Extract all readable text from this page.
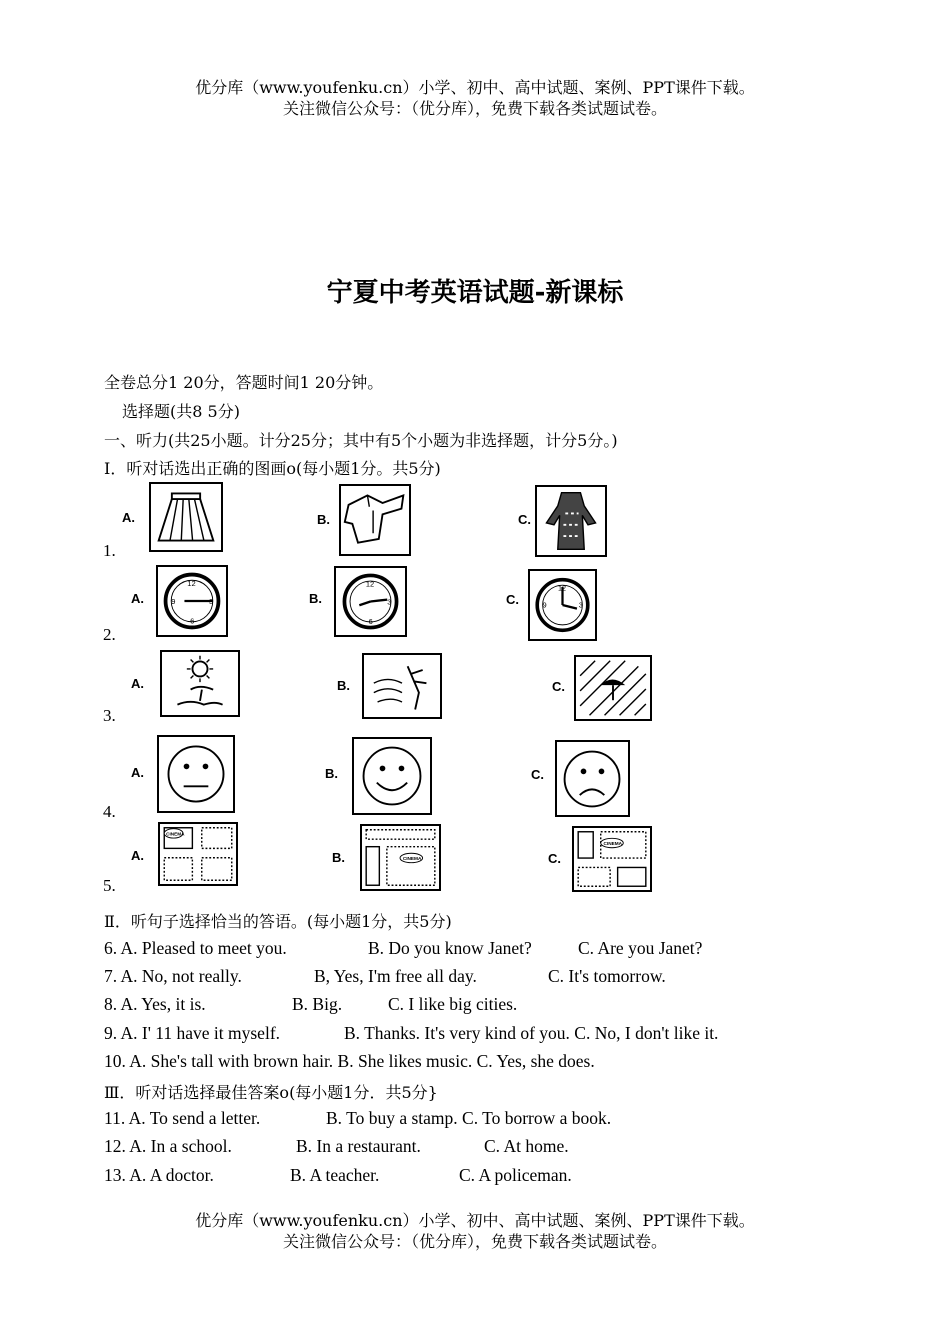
优分库（www.youfenku.cn）小学、初中、高中试题、案例、PPT课件下载。
关注微信公众号：（优分库），免费下载各类试题试卷。
宁夏中考英语试题-新课标
全卷总分1 20分，答题时间1 20分钟。
选择题(共8 5分)
一、听力(共25小题。计分25分；其中有5个小题为非选择题，计分5分。)
I．听对话选出正确的图画o(每小题1分。共5分)
1.
A.	B.	C.
2.
A.
12
3
6
9	B.
12
3
6
C.
12
3
9
3.
A.	B.	C.
4.
A.	B.	C.
5.
A.
CINEMA
B.	CINEMA	C.
CINEMA
Ⅱ．听句子选择恰当的答语。(每小题1分，共5分)
6. A. Pleased to meet you.	B. Do you know Janet?	C. Are you Janet?
7. A. No, not really.	B, Yes, I'm free all day.	C. It's tomorrow.
8. A. Yes, it is.	B. Big.	C. I like big cities.
9. A. I' 11 have it myself.	B. Thanks. It's very kind of you. C. No, I don't like it.
10. A. She's tall with brown hair. B. She likes music. C. Yes, she does.
Ⅲ．听对话选择最佳答案o(每小题1分．共5分}
11. A. To send a letter.	B. To buy a stamp. C. To borrow a book.
12. A. In a school.	B. In a restaurant.	C. At home.
13. A. A doctor.	B. A teacher.	C. A policeman.
优分库（www.youfenku.cn）小学、初中、高中试题、案例、PPT课件下载。
关注微信公众号：（优分库），免费下载各类试题试卷。
